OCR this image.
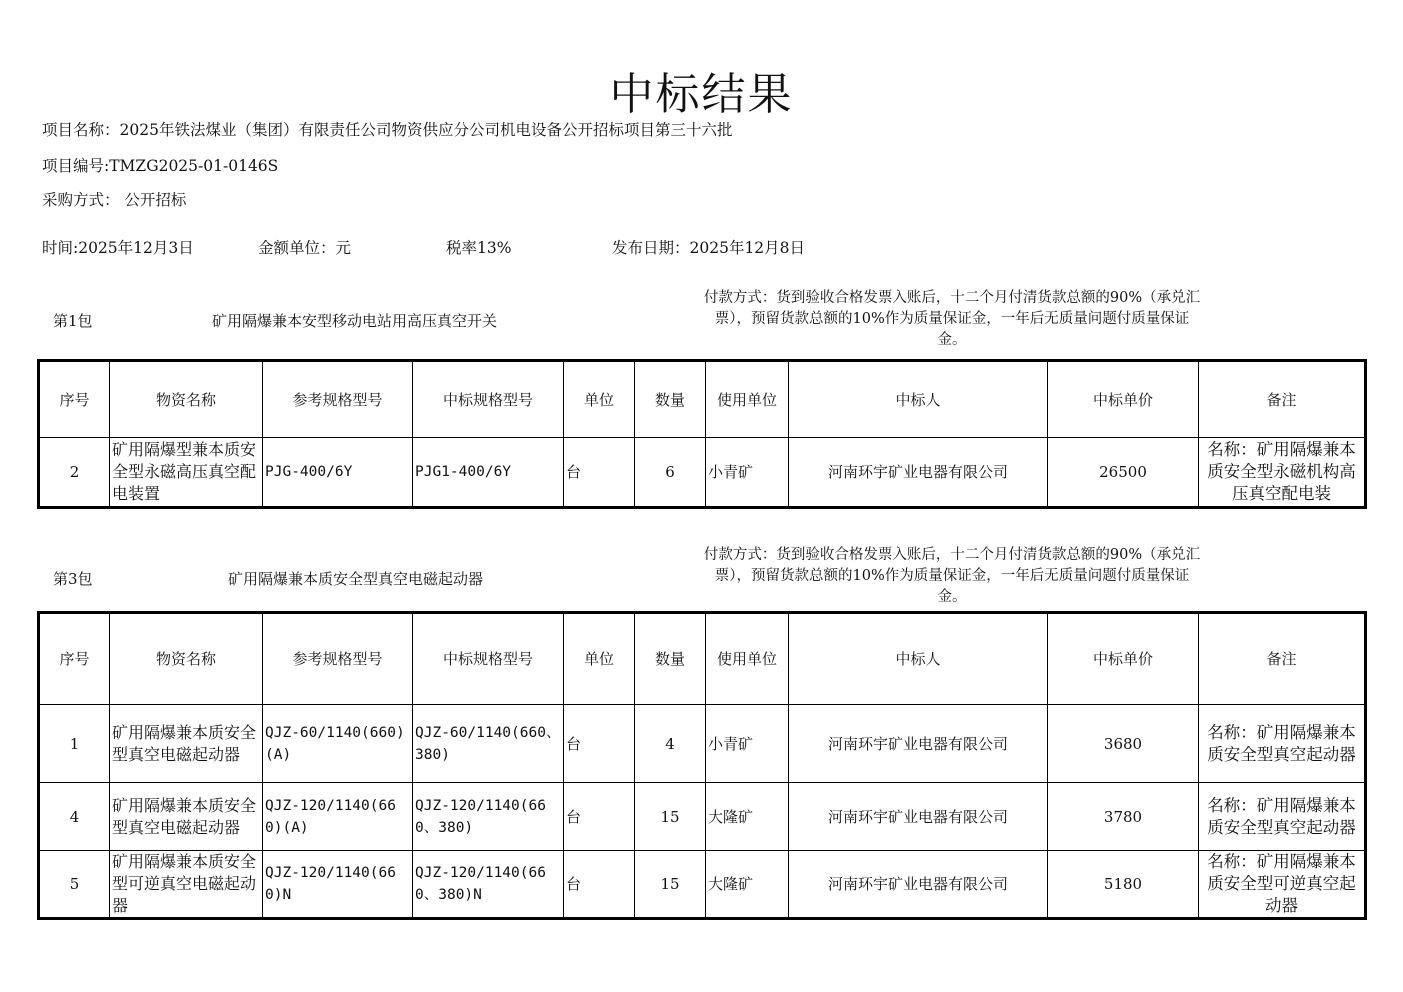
中标结果
项目名称：2025年铁法煤业（集团）有限责任公司物资供应分公司机电设备公开招标项目第三十六批
项目编号:TMZG2025-01-0146S
采购方式： 公开招标
时间:2025年12月3日	金额单位：元	税率13%	发布日期：2025年12月8日
第1包	矿用隔爆兼本安型移动电站用高压真空开关
付款方式：货到验收合格发票入账后，十二个月付清货款总额的90%（承兑汇票），预留货款总额的10%作为质量保证金，一年后无质量问题付质量保证金。
序号	物资名称	参考规格型号	中标规格型号	单位	数量	使用单位	中标人	中标单价	备注
2	矿用隔爆型兼本质安全型永磁高压真空配电装置	PJG-400/6Y	PJG1-400/6Y	台	6	小青矿	河南环宇矿业电器有限公司	26500	名称：矿用隔爆兼本质安全型永磁机构高压真空配电装
第3包	矿用隔爆兼本质安全型真空电磁起动器
付款方式：货到验收合格发票入账后，十二个月付清货款总额的90%（承兑汇票），预留货款总额的10%作为质量保证金，一年后无质量问题付质量保证金。
序号	物资名称	参考规格型号	中标规格型号	单位	数量	使用单位	中标人	中标单价	备注
1	矿用隔爆兼本质安全型真空电磁起动器	QJZ-60/1140(660)(A)	QJZ-60/1140(660、380)	台	4	小青矿	河南环宇矿业电器有限公司	3680	名称：矿用隔爆兼本质安全型真空起动器
4	矿用隔爆兼本质安全型真空电磁起动器	QJZ-120/1140(660)(A)	QJZ-120/1140(660、380)	台	15	大隆矿	河南环宇矿业电器有限公司	3780	名称：矿用隔爆兼本质安全型真空起动器
5	矿用隔爆兼本质安全型可逆真空电磁起动器	QJZ-120/1140(660)N	QJZ-120/1140(660、380)N	台	15	大隆矿	河南环宇矿业电器有限公司	5180	名称：矿用隔爆兼本质安全型可逆真空起动器
